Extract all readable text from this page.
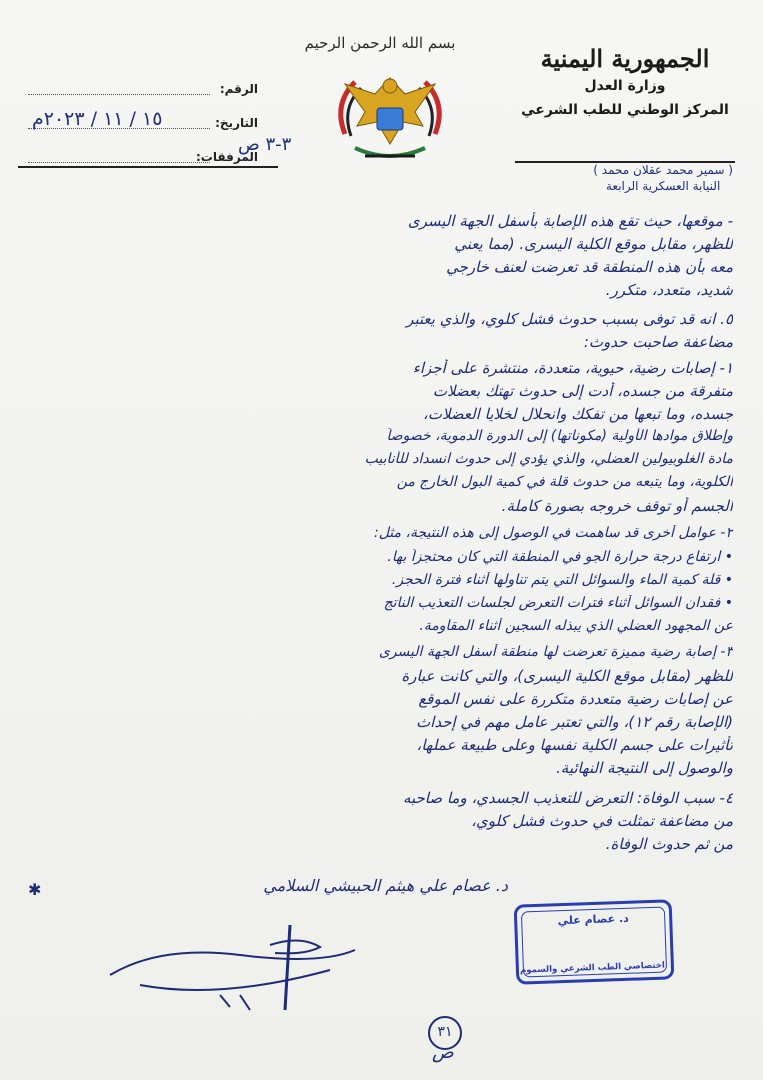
الجمهورية اليمنية
وزارة العدل
المركز الوطني للطب الشرعي
بسم الله الرحمن الرحيم
الرقم:
التاريخ:
١٥ / ١١ / ٢٠٢٣م
المرفقات:
٣-٣ ص
( سمير محمد عقلان محمد )
النيابة العسكرية الرابعة
- موقعها، حيث تقع هذه الإصابة بأسفل الجهة اليسرى
للظهر، مقابل موقع الكلية اليسرى. (مما يعني
معه بأن هذه المنطقة قد تعرضت لعنف خارجي
شديد، متعدد، متكرر.
٥. انه قد توفى بسبب حدوث فشل كلوي، والذي يعتبر
مضاعفة صاحبت حدوث:
١- إصابات رضية، حيوية، متعددة، منتشرة على أجزاء
متفرقة من جسده، أدت إلى حدوث تهتك بعضلات
جسده، وما تبعها من تفكك وانحلال لخلايا العضلات،
وإطلاق موادها الأولية (مكوناتها) إلى الدورة الدموية، خصوصاً
مادة الغلوبيولين العضلي، والذي يؤدي إلى حدوث انسداد للأنابيب
الكلوية، وما يتبعه من حدوث قلة في كمية البول الخارج من
الجسم أو توقف خروجه بصورة كاملة.
٢- عوامل أخرى قد ساهمت في الوصول إلى هذه النتيجة، مثل:
• ارتفاع درجة حرارة الجو في المنطقة التي كان محتجزاً بها.
• قلة كمية الماء والسوائل التي يتم تناولها أثناء فترة الحجز.
• فقدان السوائل أثناء فترات التعرض لجلسات التعذيب الناتج
عن المجهود العضلي الذي يبذله السجين أثناء المقاومة.
٣- إصابة رضية مميزة تعرضت لها منطقة أسفل الجهة اليسرى
للظهر (مقابل موقع الكلية اليسرى)، والتي كانت عبارة
عن إصابات رضية متعددة متكررة على نفس الموقع
(الإصابة رقم ١٢)، والتي تعتبر عامل مهم في إحداث
تأثيرات على جسم الكلية نفسها وعلى طبيعة عملها،
والوصول إلى النتيجة النهائية.
٤- سبب الوفاة: التعرض للتعذيب الجسدي، وما صاحبه
من مضاعفة تمثلت في حدوث فشل كلوي،
من ثم حدوث الوفاة.
✱	د. عصام علي هيثم الحبيشي السلامي
د. عصام علي
اختصاصي الطب الشرعي والسموم
٣١
ص
